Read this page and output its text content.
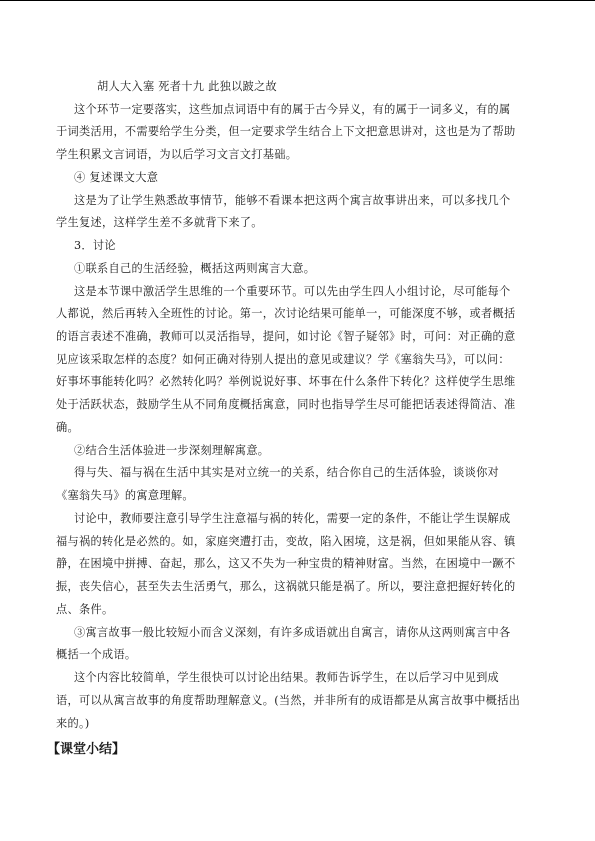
胡人大入塞 死者十九 此独以跛之故
这个环节一定要落实，这些加点词语中有的属于古今异义，有的属于一词多义，有的属
于词类活用，不需要给学生分类，但一定要求学生结合上下文把意思讲对，这也是为了帮助
学生积累文言词语，为以后学习文言文打基础。
④ 复述课文大意
这是为了让学生熟悉故事情节，能够不看课本把这两个寓言故事讲出来，可以多找几个
学生复述，这样学生差不多就背下来了。
3．讨论
①联系自己的生活经验，概括这两则寓言大意。
这是本节课中激活学生思维的一个重要环节。可以先由学生四人小组讨论，尽可能每个
人都说，然后再转入全班性的讨论。第一，次讨论结果可能单一，可能深度不够，或者概括
的语言表述不准确，教师可以灵活指导，提问，如讨论《智子疑邻》时，可问：对正确的意
见应该采取怎样的态度？如何正确对待别人提出的意见或建议？学《塞翁失马》，可以问：
好事坏事能转化吗？必然转化吗？举例说说好事、坏事在什么条件下转化？这样使学生思维
处于活跃状态，鼓励学生从不同角度概括寓意，同时也指导学生尽可能把话表述得简洁、准
确。
②结合生活体验进一步深刻理解寓意。
得与失、福与祸在生活中其实是对立统一的关系，结合你自己的生活体验，谈谈你对
《塞翁失马》的寓意理解。
讨论中，教师要注意引导学生注意福与祸的转化，需要一定的条件，不能让学生误解成
福与祸的转化是必然的。如，家庭突遭打击，变故，陷入困境，这是祸，但如果能从容、镇
静，在困境中拼搏、奋起，那么，这又不失为一种宝贵的精神财富。当然，在困境中一蹶不
振，丧失信心，甚至失去生活勇气，那么，这祸就只能是祸了。所以，要注意把握好转化的
点、条件。
③寓言故事一般比较短小而含义深刻，有许多成语就出自寓言，请你从这两则寓言中各
概括一个成语。
这个内容比较简单，学生很快可以讨论出结果。教师告诉学生，在以后学习中见到成
语，可以从寓言故事的角度帮助理解意义。(当然，并非所有的成语都是从寓言故事中概括出
来的。)
【课堂小结】
